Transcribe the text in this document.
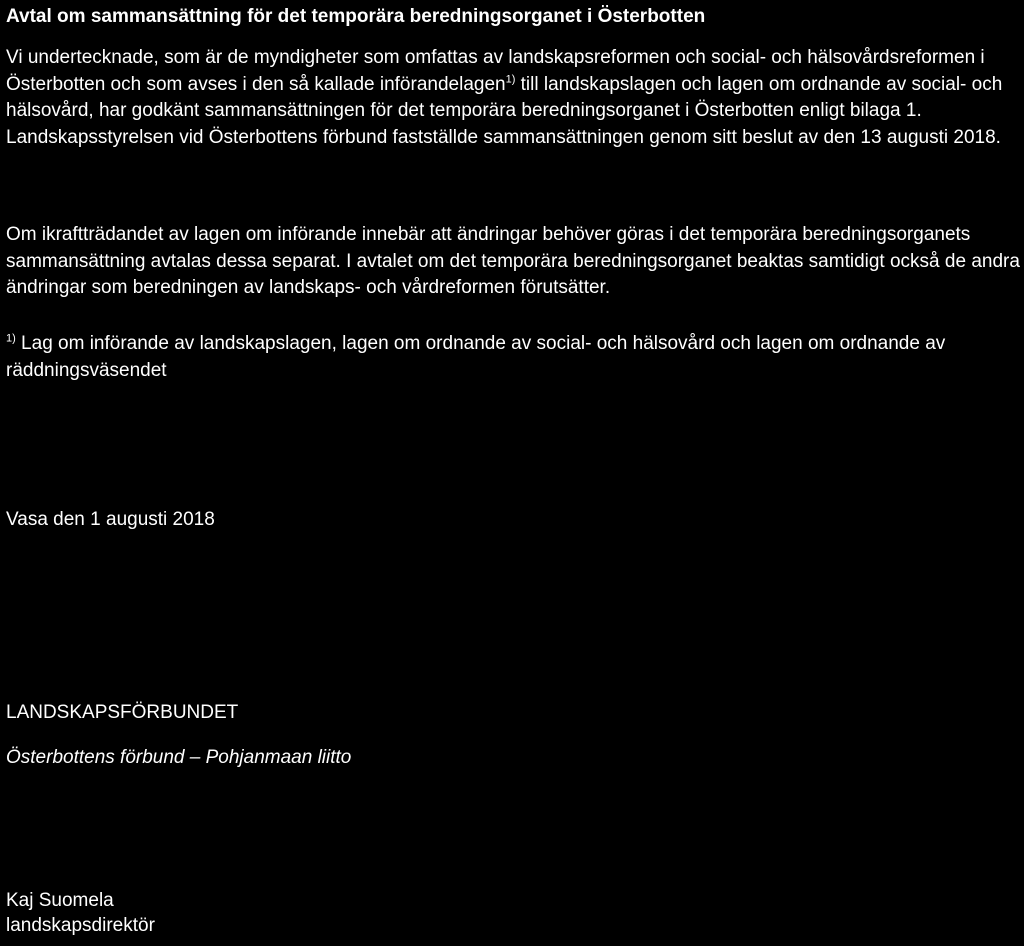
Avtal om sammansättning för det temporära beredningsorganet i Österbotten

Vi undertecknade, som är de myndigheter som omfattas av landskapsreformen och social- och hälsovårdsreformen i Österbotten och som avses i den så kallade införandelagen$^{1)}$ till landskapslagen och lagen om ordnande av social- och hälsovård, har godkänt sammansättningen för det temporära beredningsorganet i Österbotten enligt bilaga 1. Landskapsstyrelsen vid Österbottens förbund fastställde sammansättningen genom sitt beslut av den 13 augusti 2018.

Om ikraftträdandet av lagen om införande innebär att ändringar behöver göras i det temporära beredningsorganets sammansättning avtalas dessa separat. I avtalet om det temporära beredningsorganet beaktas samtidigt också de andra ändringar som beredningen av landskaps- och vårdreformen förutsätter.

$^{1)}$ Lag om införande av landskapslagen, lagen om ordnande av social- och hälsovård och lagen om ordnande av räddningsväsendet

Vasa den 1 augusti 2018

LANDSKAPSFÖRBUNDET

Österbottens förbund – Pohjanmaan liitto

Kaj Suomela

landskapsdirektör
